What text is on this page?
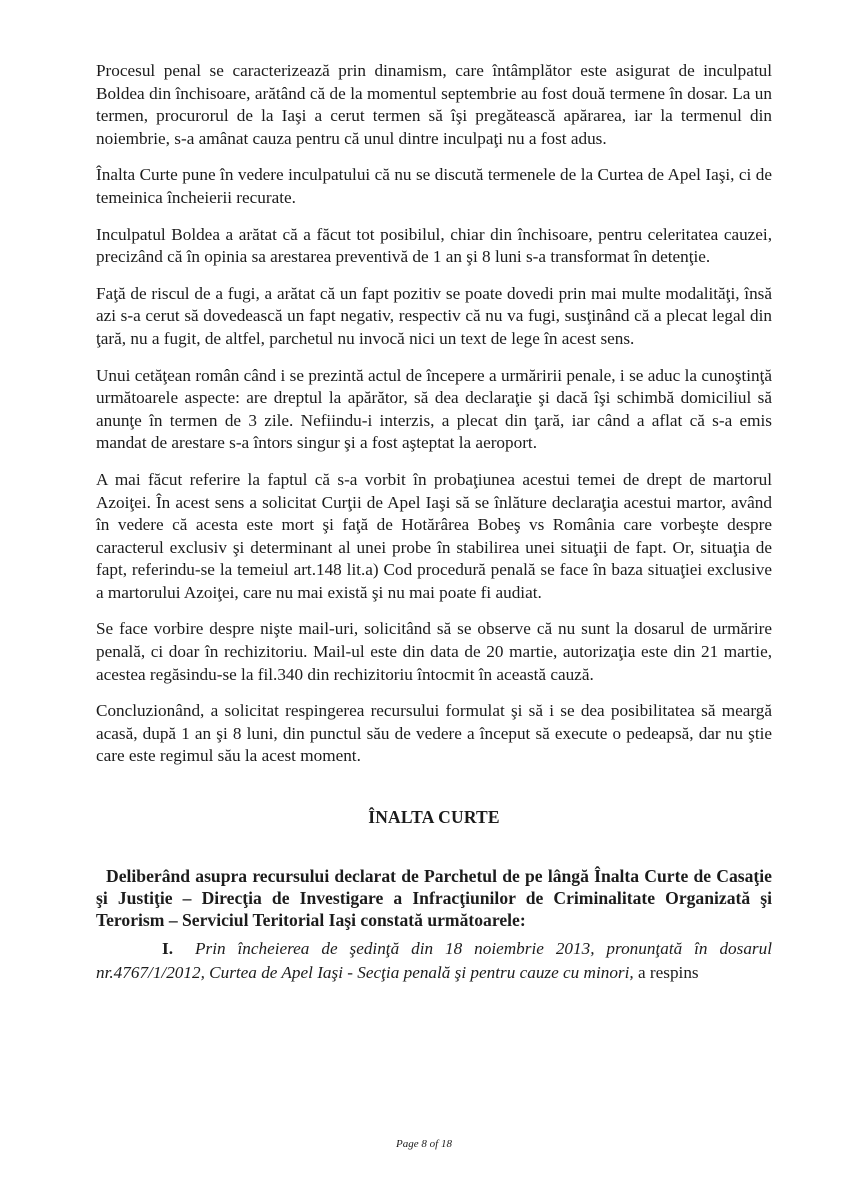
Procesul penal se caracterizează prin dinamism, care întâmplător este asigurat de inculpatul Boldea din închisoare, arătând că de la momentul septembrie au fost două termene în dosar. La un termen, procurorul de la Iaşi a cerut termen să îşi pregătească apărarea, iar la termenul din noiembrie, s-a amânat cauza pentru că unul dintre inculpaţi nu a fost adus.

Înalta Curte pune în vedere inculpatului că nu se discută termenele de la Curtea de Apel Iaşi, ci de temeinica încheierii recurate.

Inculpatul Boldea a arătat că a făcut tot posibilul, chiar din închisoare, pentru celeritatea cauzei, precizând că în opinia sa arestarea preventivă de 1 an şi 8 luni s-a transformat în detenţie.

Faţă de riscul de a fugi, a arătat că un fapt pozitiv se poate dovedi prin mai multe modalităţi, însă azi s-a cerut să dovedească un fapt negativ, respectiv că nu va fugi, susţinând că a plecat legal din ţară, nu a fugit, de altfel, parchetul nu invocă nici un text de lege în acest sens.

Unui cetăţean român când i se prezintă actul de începere a urmăririi penale, i se aduc la cunoştinţă următoarele aspecte: are dreptul la apărător, să dea declaraţie şi dacă îşi schimbă domiciliul să anunţe în termen de 3 zile. Nefiindu-i interzis, a plecat din ţară, iar când a aflat că s-a emis mandat de arestare s-a întors singur şi a fost aşteptat la aeroport.

A mai făcut referire la faptul că s-a vorbit în probaţiunea acestui temei de drept de martorul Azoiţei. În acest sens a solicitat Curţii de Apel Iaşi să se înlăture declaraţia acestui martor, având în vedere că acesta este mort şi faţă de Hotărârea Bobeş vs România care vorbeşte despre caracterul exclusiv şi determinant al unei probe în stabilirea unei situaţii de fapt. Or, situaţia de fapt, referindu-se la temeiul art.148 lit.a) Cod procedură penală se face în baza situaţiei exclusive a martorului Azoiţei, care nu mai există şi nu mai poate fi audiat.

Se face vorbire despre nişte mail-uri, solicitând să se observe că nu sunt la dosarul de urmărire penală, ci doar în rechizitoriu. Mail-ul este din data de 20 martie, autorizaţia este din 21 martie, acestea regăsindu-se la fil.340 din rechizitoriu întocmit în această cauză.

Concluzionând, a solicitat respingerea recursului formulat şi să i se dea posibilitatea să meargă acasă, după 1 an şi 8 luni, din punctul său de vedere a început să execute o pedeapsă, dar nu ştie care este regimul său la acest moment.

ÎNALTA CURTE

Deliberând asupra recursului declarat de Parchetul de pe lângă Înalta Curte de Casaţie şi Justiţie – Direcţia de Investigare a Infracţiunilor de Criminalitate Organizată şi Terorism – Serviciul Teritorial Iaşi constată următoarele:

I. Prin încheierea de şedinţă din 18 noiembrie 2013, pronunţată în dosarul nr.4767/1/2012, Curtea de Apel Iaşi - Secţia penală şi pentru cauze cu minori, a respins

Page 8 of 18
